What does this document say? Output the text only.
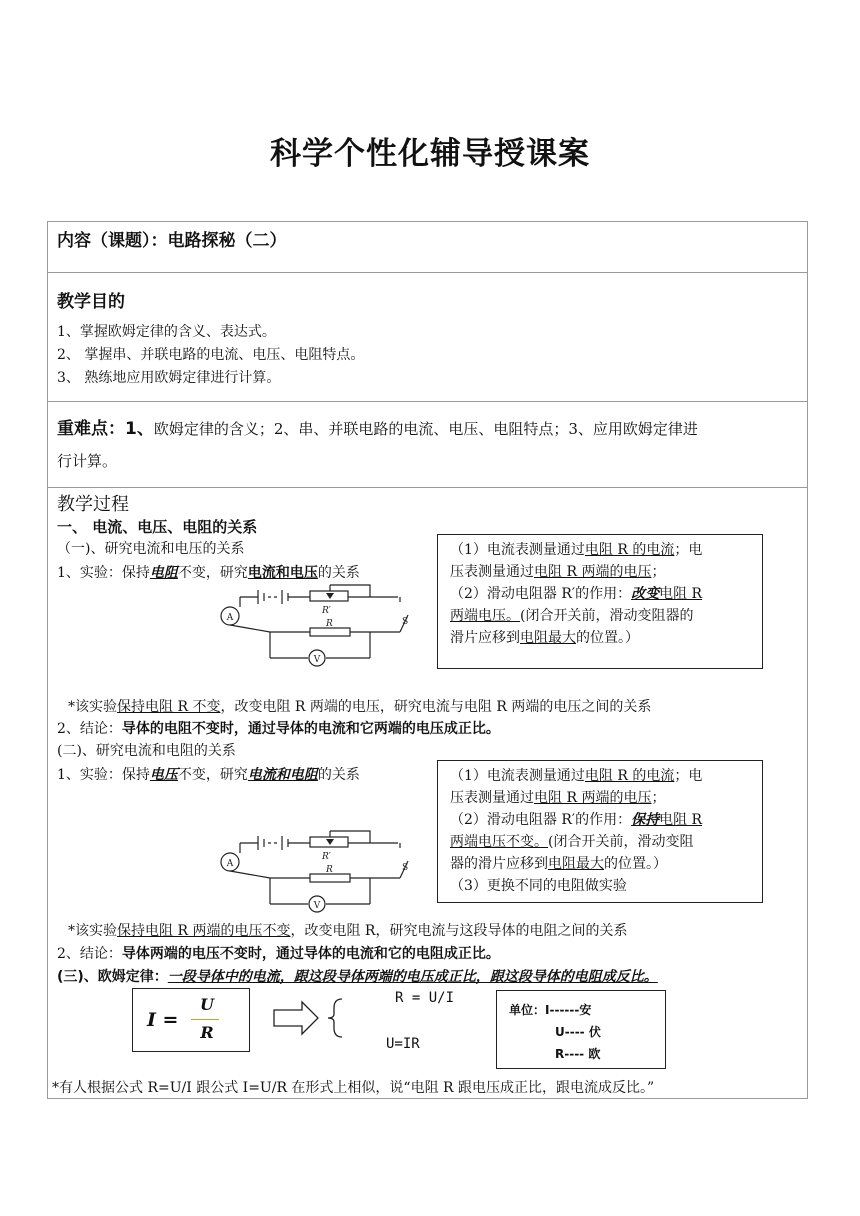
科学个性化辅导授课案
内容（课题）：电路探秘（二）
教学目的
1、掌握欧姆定律的含义、表达式。
2、 掌握串、并联电路的电流、电压、电阻特点。
3、 熟练地应用欧姆定律进行计算。
重难点：1、欧姆定律的含义；2、串、并联电路的电流、电压、电阻特点；3、应用欧姆定律进
行计算。
教学过程
一、 电流、电压、电阻的关系
（一)、研究电流和电压的关系
1、实验：保持电阻不变，研究电流和电压的关系
A
V
S
R′
R
（1）电流表测量通过电阻 R 的电流；电
压表测量通过电阻 R 两端的电压；
（2）滑动电阻器 R′的作用：改变电阻 R
两端电压。(闭合开关前，滑动变阻器的
滑片应移到电阻最大的位置。）
*该实验保持电阻 R 不变，改变电阻 R 两端的电压，研究电流与电阻 R 两端的电压之间的关系
2、结论：导体的电阻不变时，通过导体的电流和它两端的电压成正比。
(二)、研究电流和电阻的关系
1、实验：保持电压不变，研究电流和电阻的关系	（1）电流表测量通过电阻 R 的电流；电
压表测量通过电阻 R 两端的电压；
（2）滑动电阻器 R′的作用：保持电阻 R
两端电压不变。(闭合开关前，滑动变阻
器的滑片应移到电阻最大的位置。）
（3）更换不同的电阻做实验
A
V
S
R′
R
*该实验保持电阻 R 两端的电压不变，改变电阻 R，研究电流与这段导体的电阻之间的关系
2、结论：导体两端的电压不变时，通过导体的电流和它的电阻成正比。
(三)、欧姆定律：一段导体中的电流，跟这段导体两端的电压成正比，跟这段导体的电阻成反比。
I =
U
R
R = U/I
U=IR
单位：I------安
U---- 伏
R---- 欧
*有人根据公式 R=U/I 跟公式 I=U/R 在形式上相似，说“电阻 R 跟电压成正比，跟电流成反比。”
